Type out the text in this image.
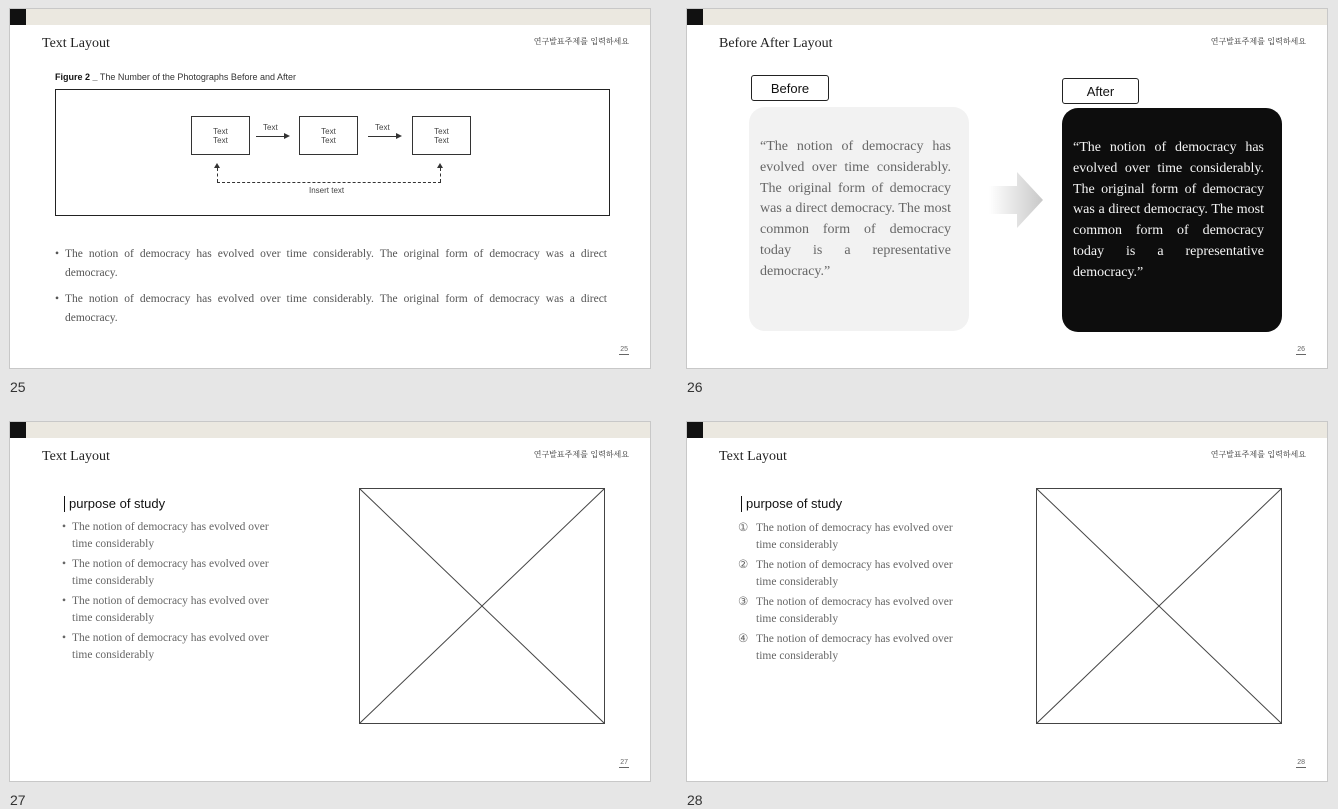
Text Layout	연구발표주제를 입력하세요
Figure 2 _ The Number of the Photographs Before and After
Text
Text
Text	Text
Text
Text	Text
Text
Insert text
• The notion of democracy has evolved over time considerably. The original form of democracy was a direct democracy.
• The notion of democracy has evolved over time considerably. The original form of democracy was a direct democracy.
25
25
Before After Layout	연구발표주제를 입력하세요
Before
“The notion of democracy has evolved over time considerably. The original form of democracy was a direct democracy. The most common form of democracy today is a representative democracy.”
After
“The notion of democracy has evolved over time considerably. The original form of democracy was a direct democracy. The most common form of democracy today is a representative democracy.”
26
26
Text Layout	연구발표주제를 입력하세요
purpose of study
• The notion of democracy has evolved over time considerably
• The notion of democracy has evolved over time considerably
• The notion of democracy has evolved over time considerably
• The notion of democracy has evolved over time considerably
27
27
Text Layout	연구발표주제를 입력하세요
purpose of study
① The notion of democracy has evolved over time considerably
② The notion of democracy has evolved over time considerably
③ The notion of democracy has evolved over time considerably
④ The notion of democracy has evolved over time considerably
28
28
